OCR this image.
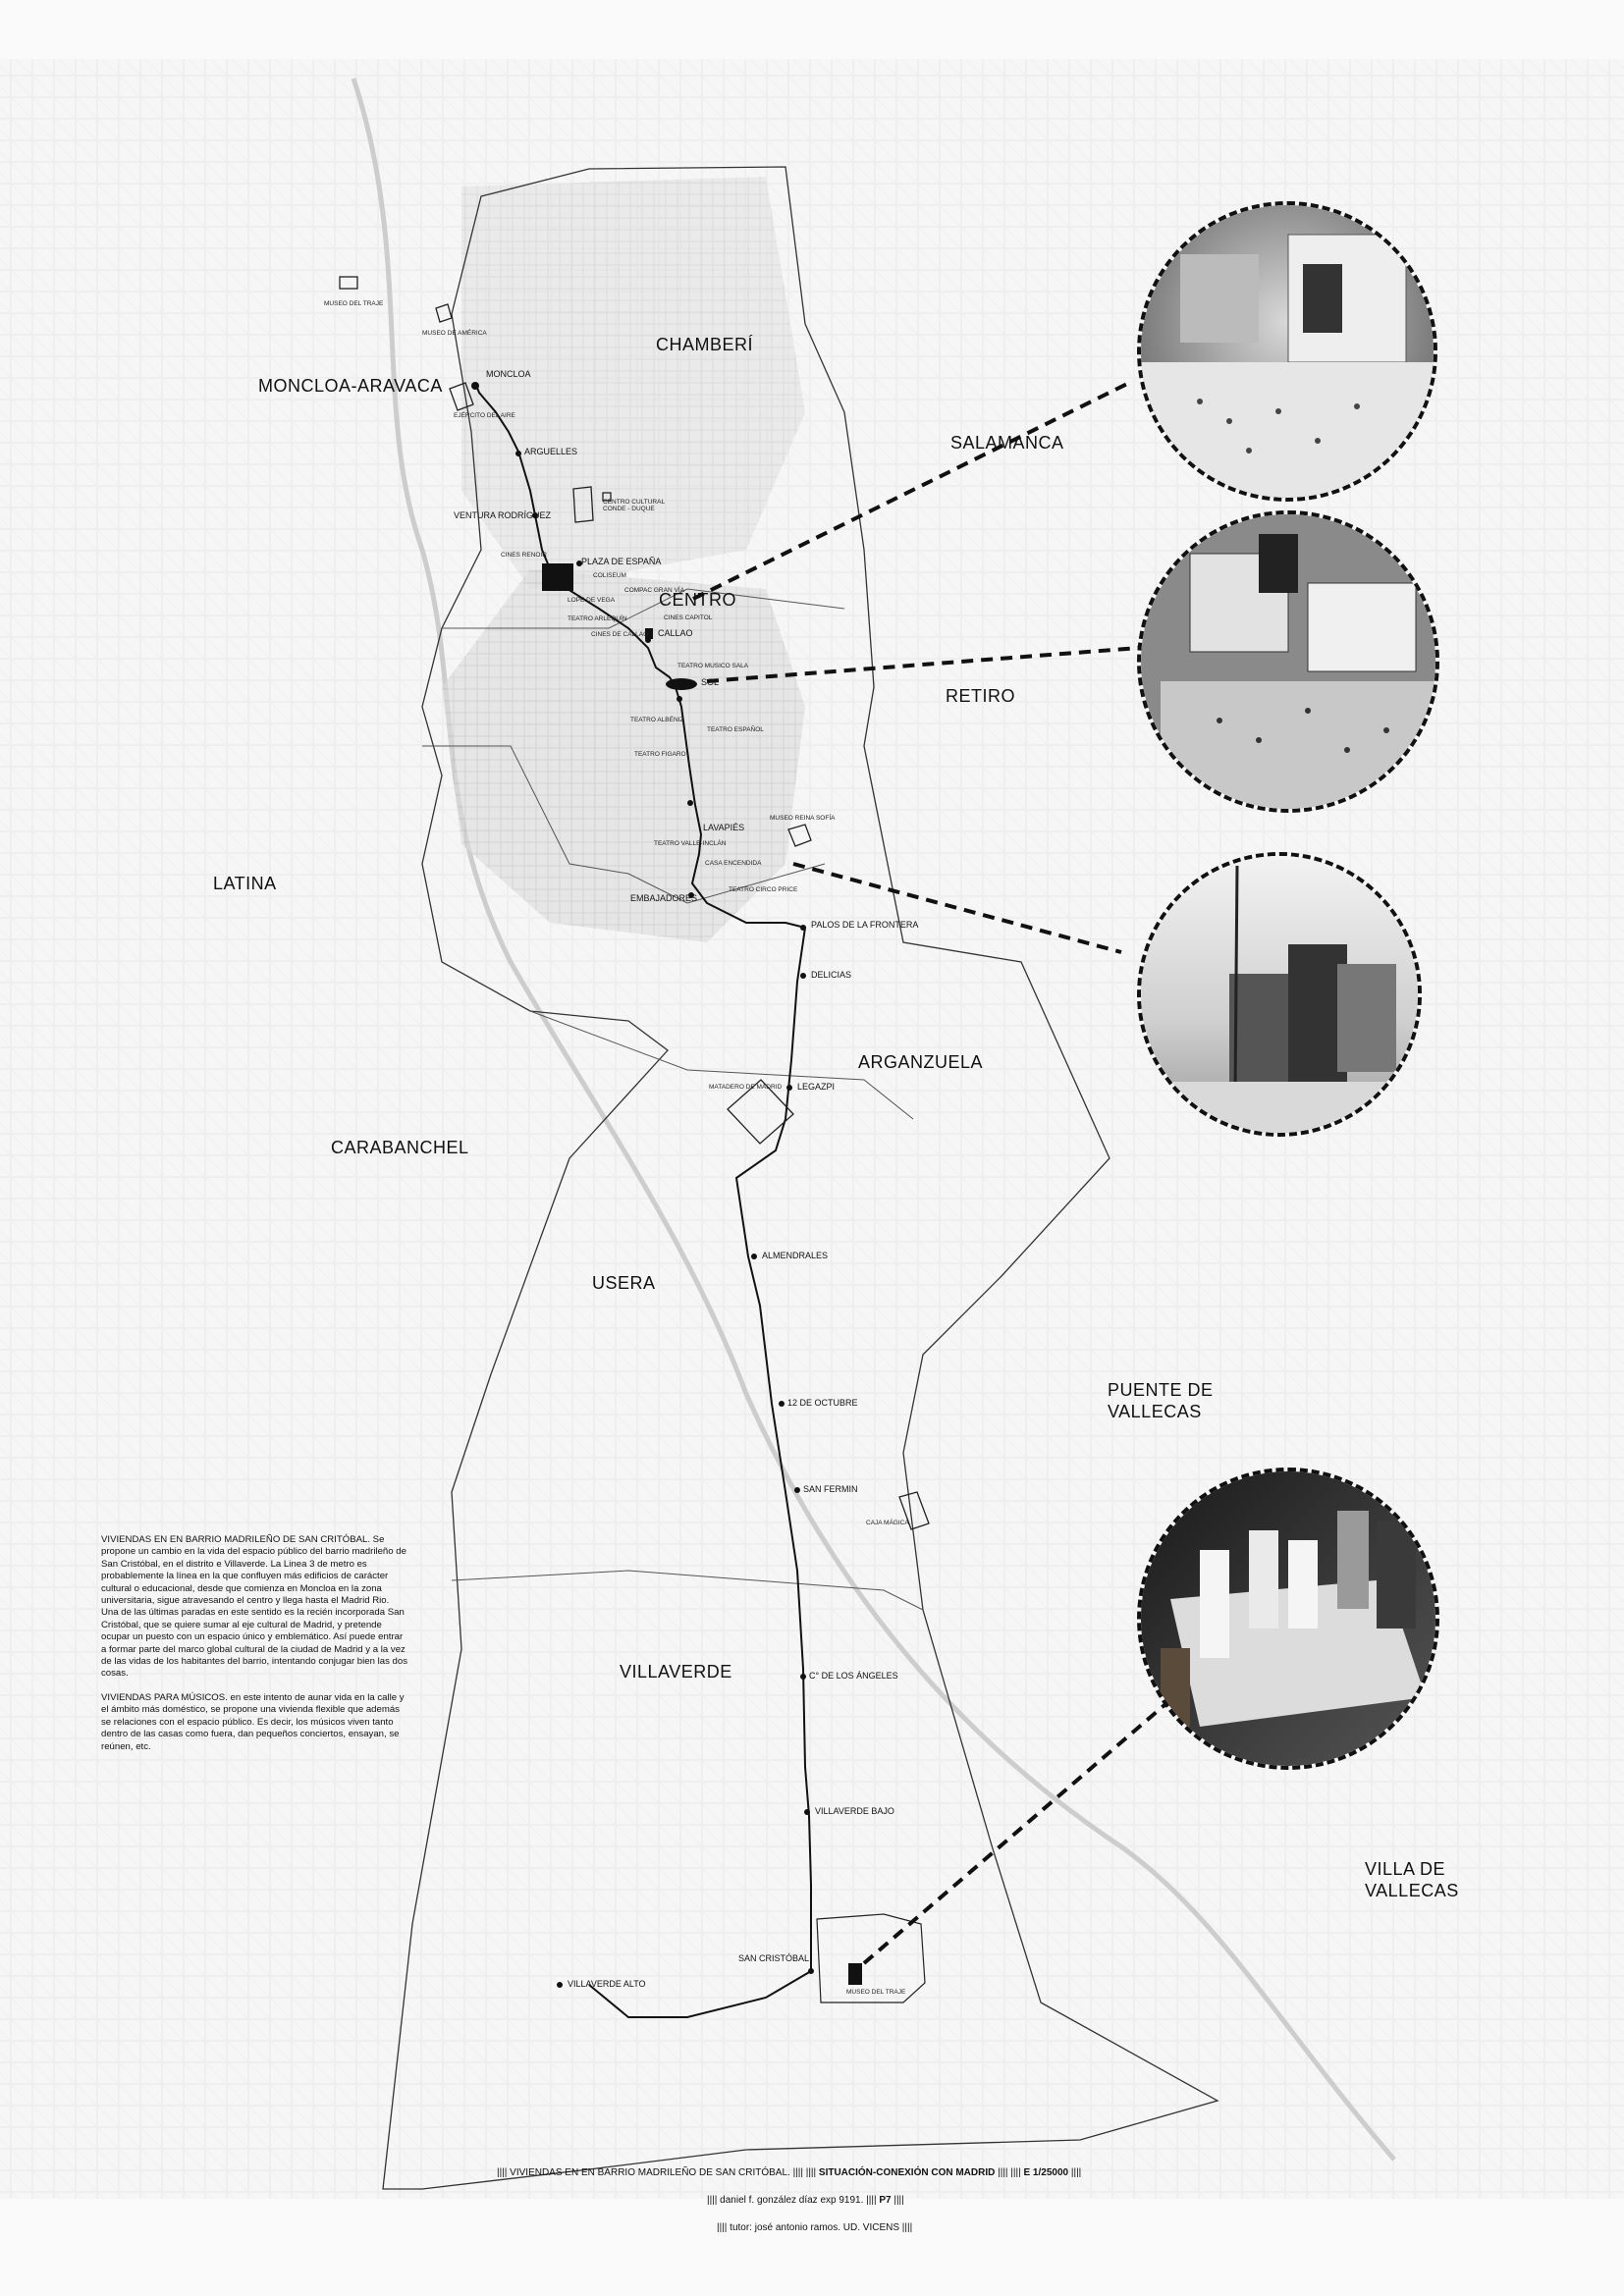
MONCLOA-ARAVACA
CHAMBERÍ
SALAMANCA
CENTRO
RETIRO
LATINA
ARGANZUELA
CARABANCHEL
USERA
PUENTE DE
VALLECAS
VILLAVERDE
VILLA DE
VALLECAS
MONCLOA
ARGUELLES
VENTURA RODRÍGUEZ
PLAZA DE ESPAÑA
CALLAO
SOL
LAVAPIÉS
EMBAJADORES
PALOS DE LA FRONTERA
DELICIAS
LEGAZPI
ALMENDRALES
12 DE OCTUBRE
SAN FERMIN
C° DE LOS ÁNGELES
VILLAVERDE BAJO
SAN CRISTÓBAL
VILLAVERDE ALTO
MUSEO DEL TRAJE
MUSEO DE AMÉRICA
EJÉRCITO DEL AIRE
CENTRO CULTURAL
CONDE - DUQUE
CINES RENOIR
COLISEUM
COMPAC GRAN VÍA
LOPE DE VEGA
TEATRO ARLEQUÍN	CINES CAPITOL
CINES DE CALLAO
TEATRO MUSICO SALA
TEATRO ALBÉNIZ
TEATRO ESPAÑOL
TEATRO FIGARO
MUSEO REINA SOFÍA
TEATRO VALLE-INCLÁN
CASA ENCENDIDA
TEATRO CIRCO PRICE
MATADERO DE MADRID
CAJA MÁGICA
MUSEO DEL TRAJE

VIVIENDAS EN EN BARRIO MADRILEÑO DE SAN CRITÓBAL. Se propone un cambio en la vida del espacio público del barrio madrileño de San Cristóbal, en el distrito e Villaverde. La Linea 3 de metro es probablemente la línea en la que confluyen más edificios de carácter cultural o educacional, desde que comienza en Moncloa en la zona universitaria, sigue atravesando el centro y llega hasta el Madrid Rio. Una de las últimas paradas en este sentido es la recién incorporada San Cristóbal, que se quiere sumar al eje cultural de Madrid, y pretende ocupar un puesto con un espacio único y emblemático. Así puede entrar a formar parte del marco global cultural de la ciudad de Madrid y a la vez de las vidas de los habitantes del barrio, intentando conjugar bien las dos cosas.

VIVIENDAS PARA MÚSICOS. en este intento de aunar vida en la calle y el ámbito más doméstico, se propone una vivienda flexible que además se relaciones con el espacio público. Es decir, los músicos viven tanto dentro de las casas como fuera, dan pequeños conciertos, ensayan, se reúnen, etc.

|||| VIVIENDAS EN EN BARRIO MADRILEÑO DE SAN CRITÓBAL. |||| |||| SITUACIÓN-CONEXIÓN CON MADRID |||| |||| E 1/25000 ||||
|||| daniel f. gonzález díaz exp 9191. |||| P7 ||||
|||| tutor: josé antonio ramos. UD. VICENS ||||
